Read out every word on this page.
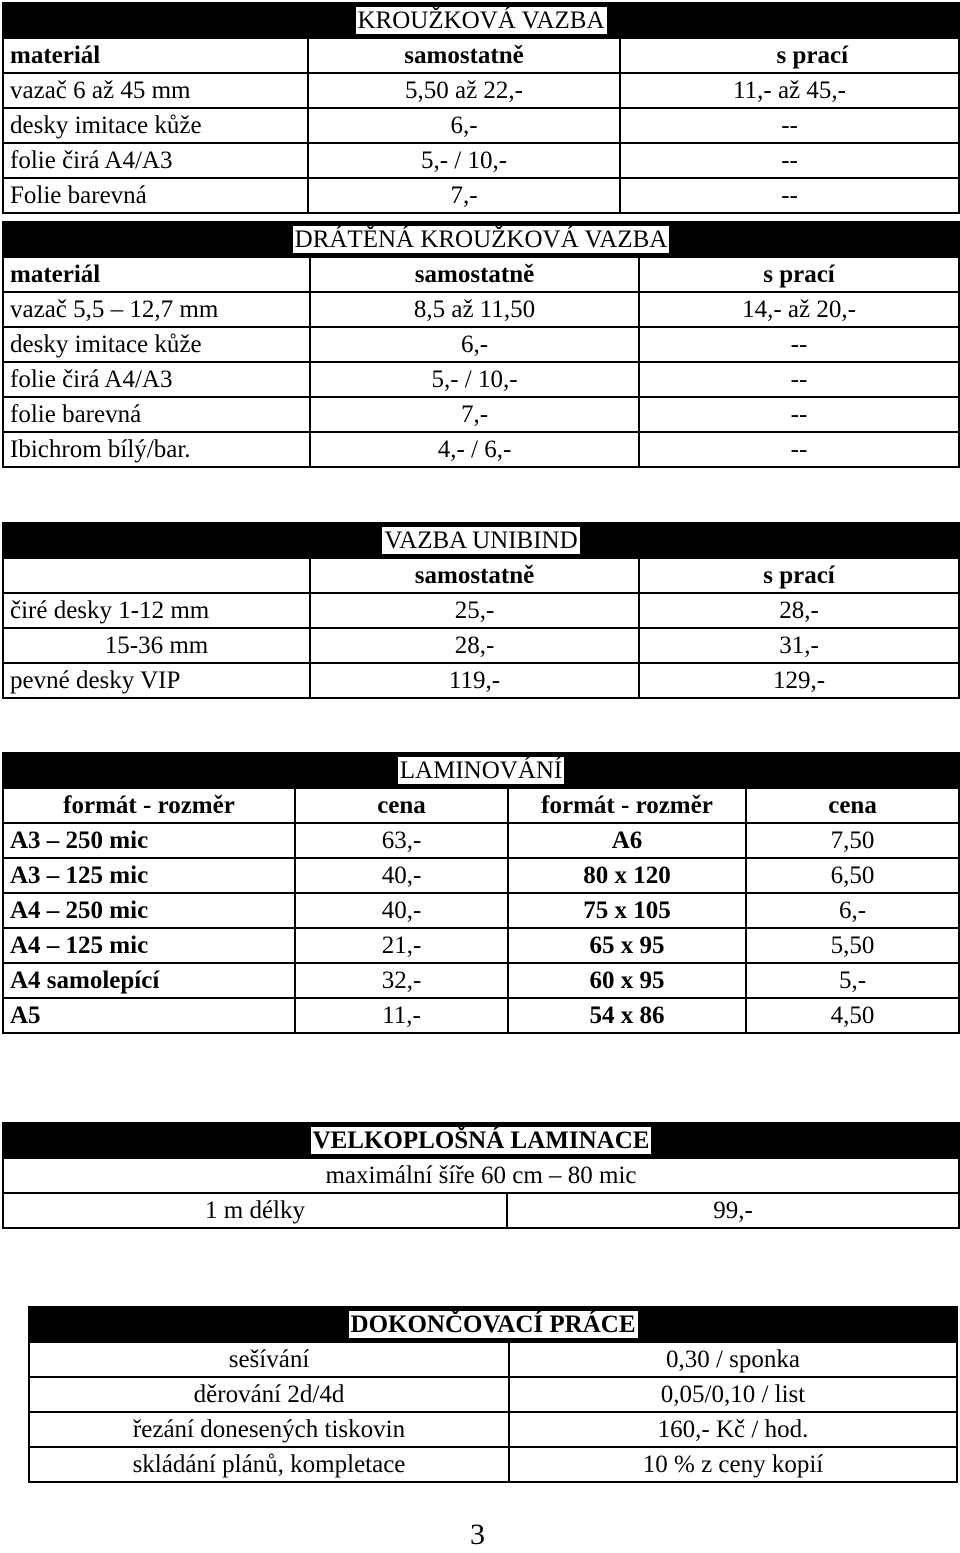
KROUŽKOVÁ VAZBA		
materiál	samostatně	s prací
vazač 6 až 45 mm	5,50 až 22,-	11,- až 45,-
desky imitace kůže	6,-	--
folie čirá A4/A3	5,- / 10,-	--
Folie barevná	7,-	--
DRÁTĚNÁ KROUŽKOVÁ VAZBA		
materiál	samostatně	s prací
vazač 5,5 – 12,7 mm	8,5 až 11,50	14,- až 20,-
desky imitace kůže	6,-	--
folie čirá A4/A3	5,- / 10,-	--
folie barevná	7,-	--
Ibichrom bílý/bar.	4,- / 6,-	--
VAZBA UNIBIND		
	samostatně	s prací
čiré desky 1-12 mm	25,-	28,-
15-36 mm	28,-	31,-
pevné desky VIP	119,-	129,-
LAMINOVÁNÍ			
formát - rozměr	cena	formát - rozměr	cena
A3 – 250 mic	63,-	A6	7,50
A3 – 125 mic	40,-	80 x 120	6,50
A4 – 250 mic	40,-	75 x 105	6,-
A4 – 125 mic	21,-	65 x 95	5,50
A4 samolepící	32,-	60 x 95	5,-
A5	11,-	54 x 86	4,50
VELKOPLOŠNÁ LAMINACE
maximální šíře 60 cm – 80 mic
1 m délky	99,-
DOKONČOVACÍ PRÁCE	
sešívání	0,30 / sponka
děrování 2d/4d	0,05/0,10 / list
řezání donesených tiskovin	160,- Kč / hod.
skládání plánů, kompletace	10 % z ceny kopií
3
